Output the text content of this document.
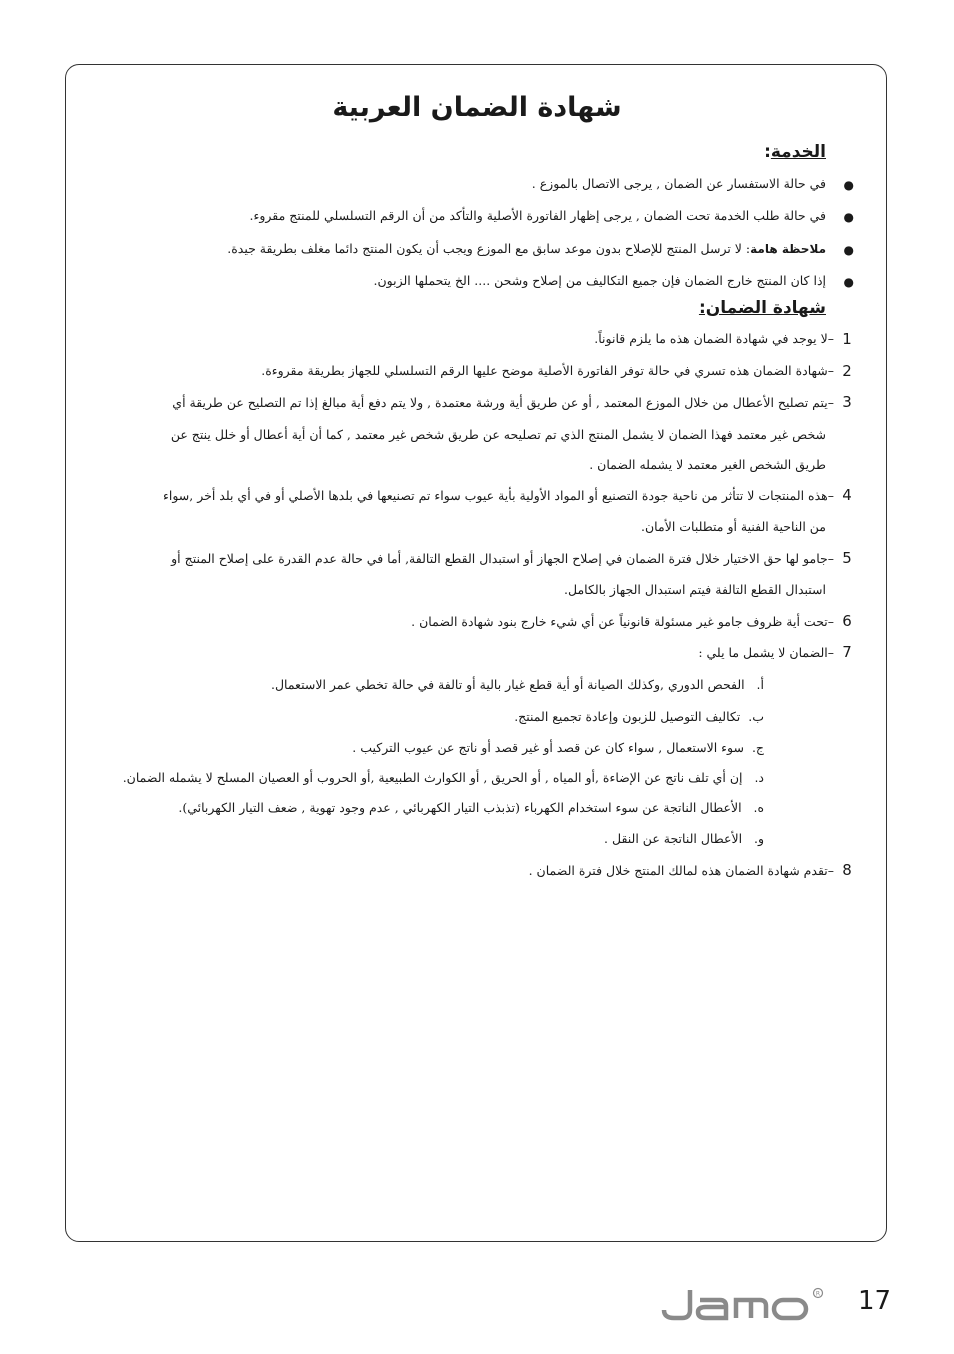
شهادة الضمان العربية
الخدمة:
●
في حالة الاستفسار عن الضمان , يرجى الاتصال بالموزع .
●
في حالة طلب الخدمة تحت الضمان , يرجى إظهار الفاتورة الأصلية والتأكد من أن الرقم التسلسلي للمنتج مقروء.
●
ملاحظة هامة: لا ترسل المنتج للإصلاح بدون موعد سابق مع الموزع ويجب أن يكون المنتج دائما مغلف بطريقة جيدة.
●
إذا كان المنتج خارج الضمان فإن جميع التكاليف من إصلاح وشحن .... الخ يتحملها الزبون.
شهادة الضمان:
1
–لا يوجد في شهادة الضمان هذه ما يلزم قانوناً.
2
–شهادة الضمان هذه تسري في حالة توفر الفاتورة الأصلية موضح عليها الرقم التسلسلي للجهاز بطريقة مقروءة.
3
–يتم تصليح الأعطال من خلال الموزع المعتمد , أو عن طريق أية ورشة معتمدة , ولا يتم دفع أية مبالغ إذا تم التصليح عن طريقة أي
شخص غير معتمد فهذا الضمان لا يشمل المنتج الذي تم تصليحه عن طريق شخص غير معتمد , كما أن أية أعطال أو خلل ينتج عن
طريق الشخص الغير معتمد لا يشمله الضمان .
4
–هذه المنتجات لا تتأثر من ناحية جودة التصنيع أو المواد الأولية بأية عيوب سواء تم تصنيعها في بلدها الأصلي أو في أي بلد أخر ,سواء
من الناحية الفنية أو متطلبات الأمان.
5
–جامو لها حق الاختيار خلال فترة الضمان في إصلاح الجهاز أو استبدال القطع التالفة, أما في حالة عدم القدرة على إصلاح المنتج أو
استبدال القطع التالفة فيتم استبدال الجهاز بالكامل.
6
–تحت أية ظروف جامو غير مسئولة قانونياً عن أي شيء خارج بنود شهادة الضمان .
7
–الضمان لا يشمل ما يلي :
أ.   الفحص الدوري ,وكذلك الصيانة أو أية قطع غيار بالية أو تالفة في حالة تخطي عمر الاستعمال.
ب.  تكاليف التوصيل للزبون وإعادة تجميع المنتج.
ج.  سوء الاستعمال , سواء كان عن قصد أو غير قصد أو ناتج عن عيوب التركيب .
د.   إن أي تلف ناتج عن الإضاءة ,أو المياه , أو الحريق , أو الكوارث الطبيعية ,أو الحروب أو العصيان المسلح لا يشمله الضمان.
ه.   الأعطال الناتجة عن سوء استخدام الكهرباء (تذبذب التيار الكهربائي , عدم وجود تهوية , ضعف التيار الكهربائي).
و.   الأعطال الناتجة عن النقل .
8
–تقدم شهادة الضمان هذه لمالك المنتج خلال فترة الضمان .
R 17
